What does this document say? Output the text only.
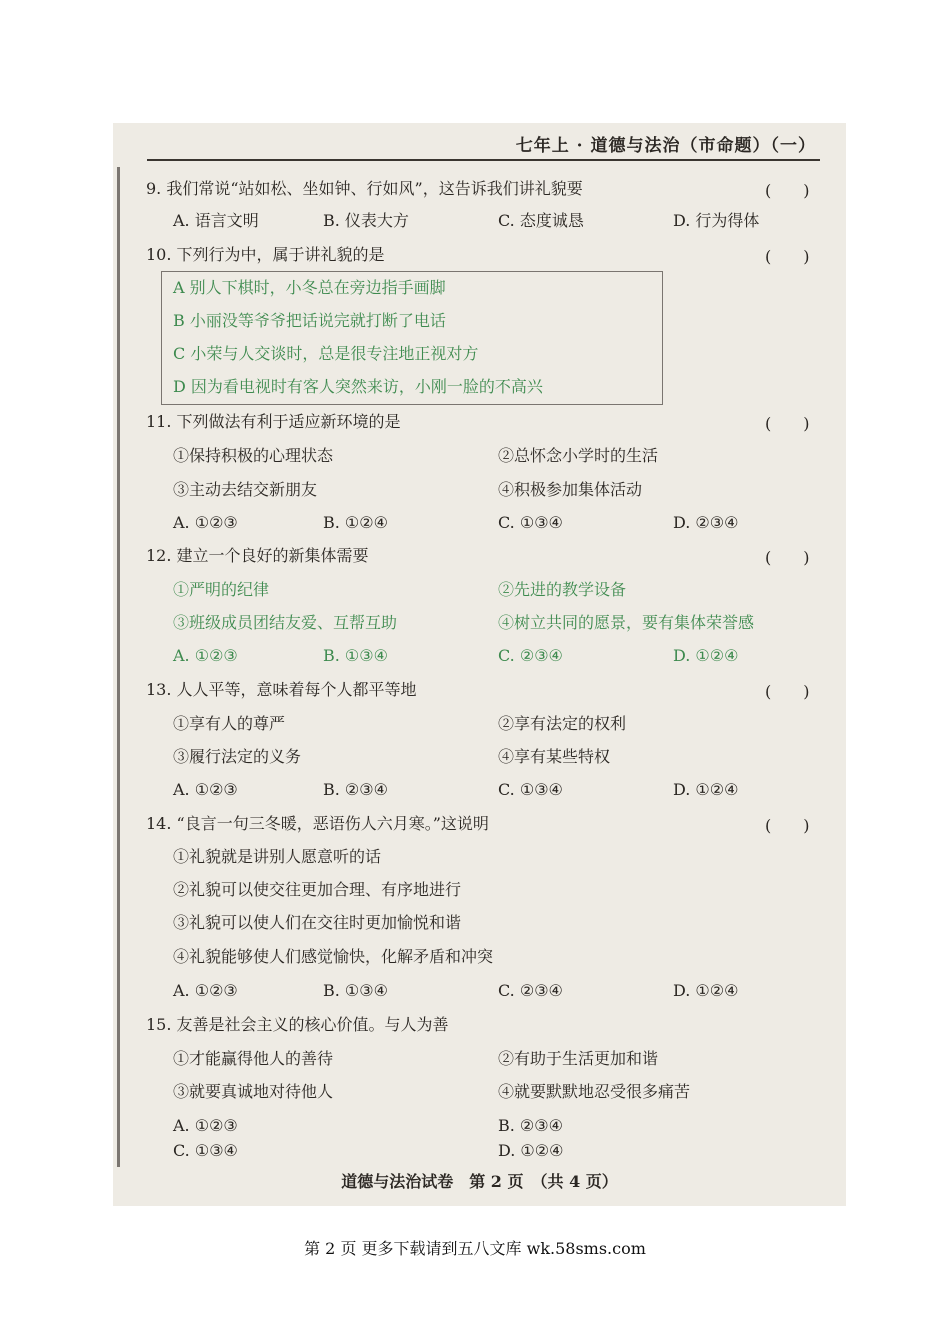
七年上 · 道德与法治（市命题）（一）
9. 我们常说“站如松、坐如钟、行如风”，这告诉我们讲礼貌要	(　　)
A. 语言文明	B. 仪表大方	C. 态度诚恳	D. 行为得体
10. 下列行为中，属于讲礼貌的是	(　　)
A 别人下棋时，小冬总在旁边指手画脚
B 小丽没等爷爷把话说完就打断了电话
C 小荣与人交谈时，总是很专注地正视对方
D 因为看电视时有客人突然来访，小刚一脸的不高兴
11. 下列做法有利于适应新环境的是	(　　)
①保持积极的心理状态	②总怀念小学时的生活
③主动去结交新朋友	④积极参加集体活动
A. ①②③	B. ①②④	C. ①③④	D. ②③④
12. 建立一个良好的新集体需要	(　　)
①严明的纪律	②先进的教学设备
③班级成员团结友爱、互帮互助	④树立共同的愿景，要有集体荣誉感
A. ①②③	B. ①③④	C. ②③④	D. ①②④
13. 人人平等，意味着每个人都平等地	(　　)
①享有人的尊严	②享有法定的权利
③履行法定的义务	④享有某些特权
A. ①②③	B. ②③④	C. ①③④	D. ①②④
14. “良言一句三冬暖，恶语伤人六月寒。”这说明	(　　)
①礼貌就是讲别人愿意听的话
②礼貌可以使交往更加合理、有序地进行
③礼貌可以使人们在交往时更加愉悦和谐
④礼貌能够使人们感觉愉快，化解矛盾和冲突
A. ①②③	B. ①③④	C. ②③④	D. ①②④
15. 友善是社会主义的核心价值。与人为善
①才能赢得他人的善待	②有助于生活更加和谐
③就要真诚地对待他人	④就要默默地忍受很多痛苦
A. ①②③	B. ②③④
C. ①③④	D. ①②④
道德与法治试卷　第 2 页　（共 4 页）
第 2 页 更多下载请到五八文库 wk.58sms.com
